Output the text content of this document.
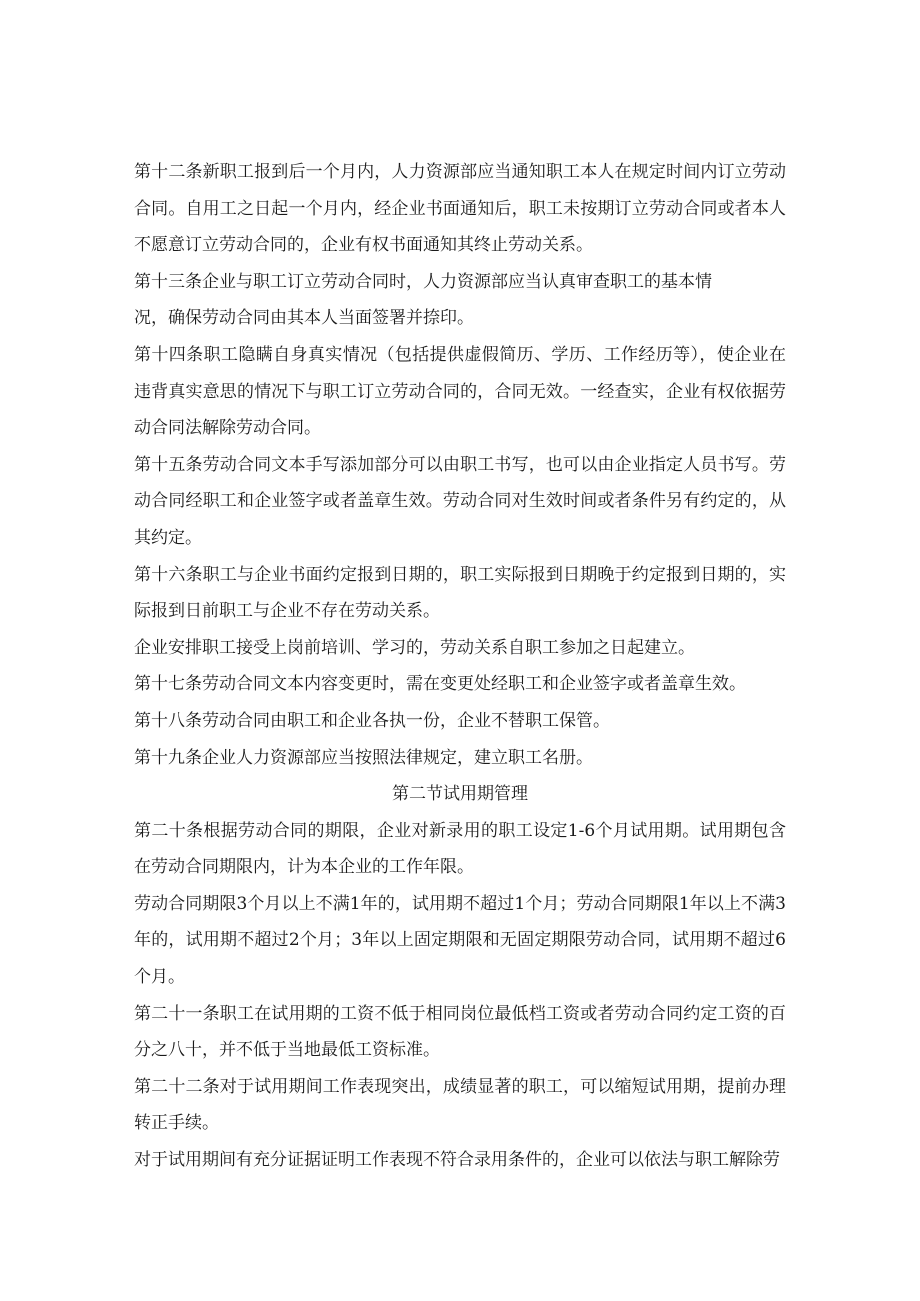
第十二条新职工报到后一个月内，人力资源部应当通知职工本人在规定时间内订立劳动合同。自用工之日起一个月内，经企业书面通知后，职工未按期订立劳动合同或者本人不愿意订立劳动合同的，企业有权书面通知其终止劳动关系。

第十三条企业与职工订立劳动合同时，人力资源部应当认真审查职工的基本情

况，确保劳动合同由其本人当面签署并捺印。

第十四条职工隐瞒自身真实情况（包括提供虚假简历、学历、工作经历等），使企业在违背真实意思的情况下与职工订立劳动合同的，合同无效。一经查实，企业有权依据劳动合同法解除劳动合同。

第十五条劳动合同文本手写添加部分可以由职工书写，也可以由企业指定人员书写。劳动合同经职工和企业签字或者盖章生效。劳动合同对生效时间或者条件另有约定的，从其约定。

第十六条职工与企业书面约定报到日期的，职工实际报到日期晚于约定报到日期的，实际报到日前职工与企业不存在劳动关系。

企业安排职工接受上岗前培训、学习的，劳动关系自职工参加之日起建立。

第十七条劳动合同文本内容变更时，需在变更处经职工和企业签字或者盖章生效。

第十八条劳动合同由职工和企业各执一份，企业不替职工保管。

第十九条企业人力资源部应当按照法律规定，建立职工名册。

第二节试用期管理

第二十条根据劳动合同的期限，企业对新录用的职工设定1-6个月试用期。试用期包含在劳动合同期限内，计为本企业的工作年限。

劳动合同期限3个月以上不满1年的，试用期不超过1个月；劳动合同期限1年以上不满3年的，试用期不超过2个月；3年以上固定期限和无固定期限劳动合同，试用期不超过6个月。

第二十一条职工在试用期的工资不低于相同岗位最低档工资或者劳动合同约定工资的百分之八十，并不低于当地最低工资标准。

第二十二条对于试用期间工作表现突出，成绩显著的职工，可以缩短试用期，提前办理转正手续。

对于试用期间有充分证据证明工作表现不符合录用条件的，企业可以依法与职工解除劳
